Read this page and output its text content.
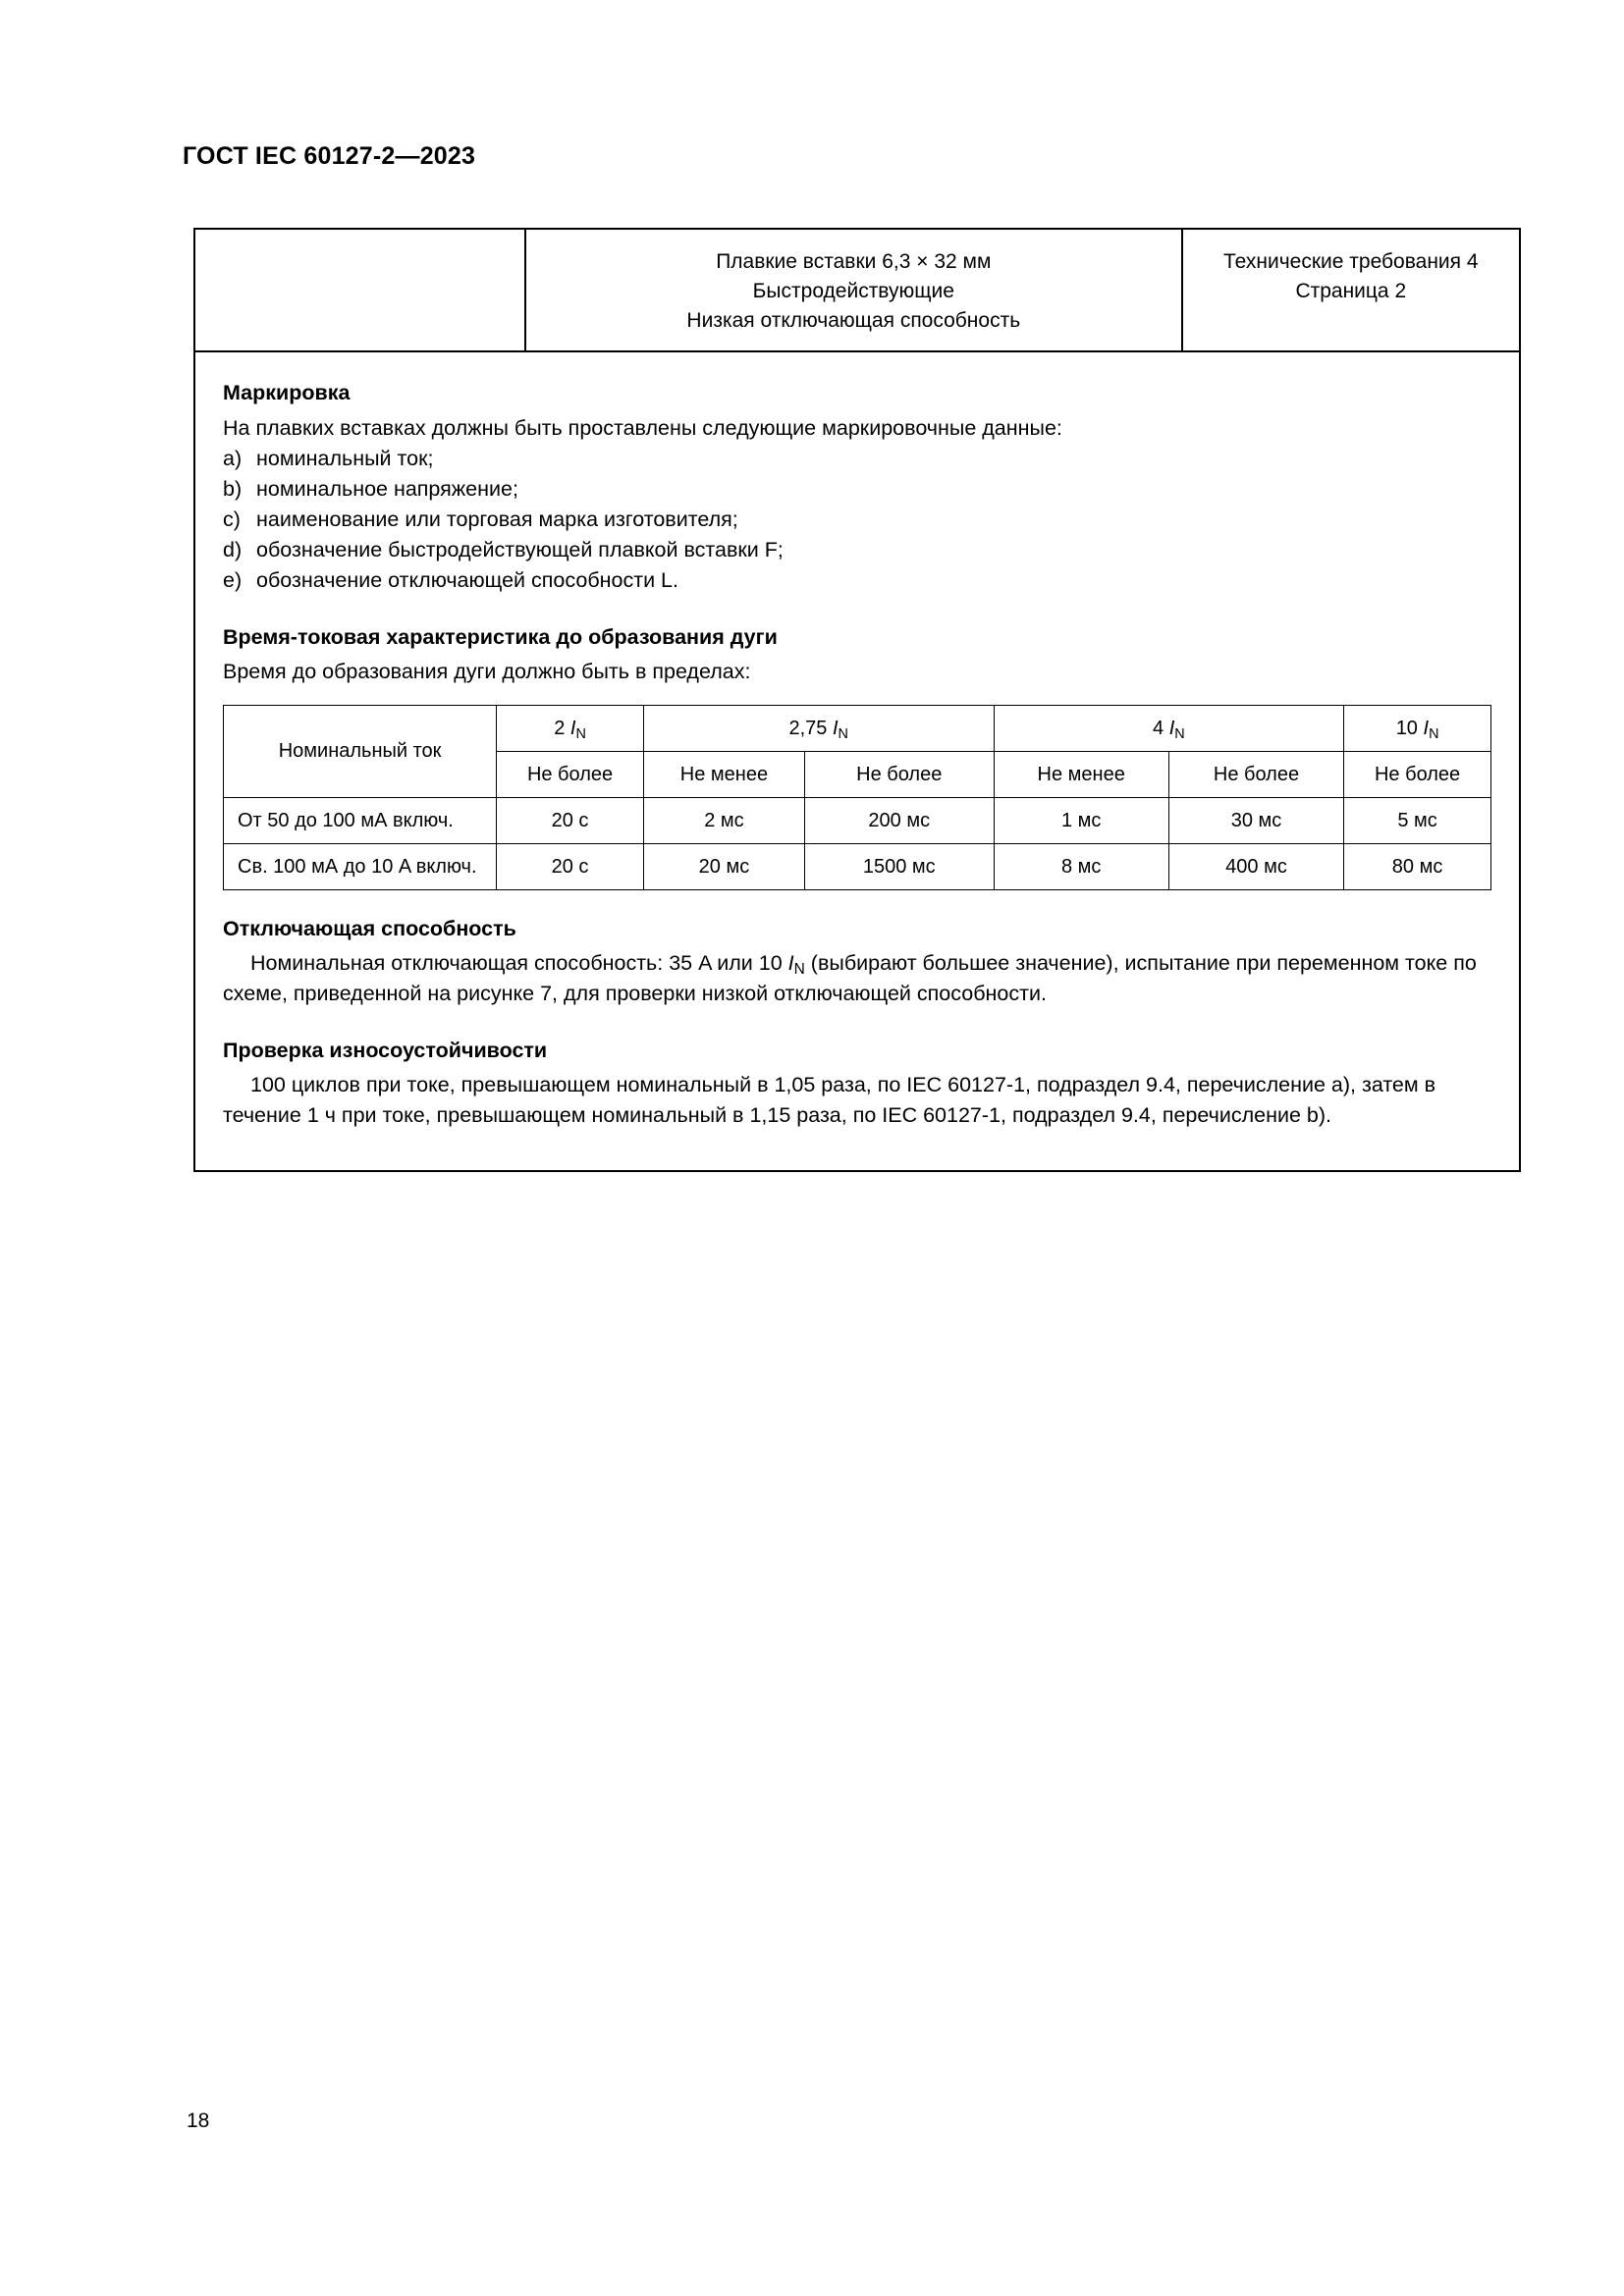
ГОСТ IEC 60127-2—2023
Плавкие вставки 6,3 × 32 мм
Быстродействующие
Низкая отключающая способность
Технические требования 4
Страница 2
Маркировка

На плавких вставках должны быть проставлены следующие маркировочные данные:

a) номинальный ток;
b) номинальное напряжение;
c) наименование или торговая марка изготовителя;
d) обозначение быстродействующей плавкой вставки F;
e) обозначение отключающей способности L.
Время-токовая характеристика до образования дуги

Время до образования дуги должно быть в пределах:

Номинальный ток	2 $I_N$	2,75 $I_N$		4 $I_N$		10 $I_N$
	Не более	Не менее	Не более	Не менее	Не более	Не более
От 50 до 100 мА включ.	20 с	2 мс	200 мс	1 мс	30 мс	5 мс
Св. 100 мА до 10 A включ.	20 с	20 мс	1500 мс	8 мс	400 мс	80 мс
Отключающая способность

Номинальная отключающая способность: 35 A или 10 $I_N$ (выбирают большее значение), испытание при переменном токе по схеме, приведенной на рисунке 7, для проверки низкой отключающей способности.

Проверка износоустойчивости

100 циклов при токе, превышающем номинальный в 1,05 раза, по IEC 60127-1, подраздел 9.4, перечисление a), затем в течение 1 ч при токе, превышающем номинальный в 1,15 раза, по IEC 60127-1, подраздел 9.4, перечисление b).

18
